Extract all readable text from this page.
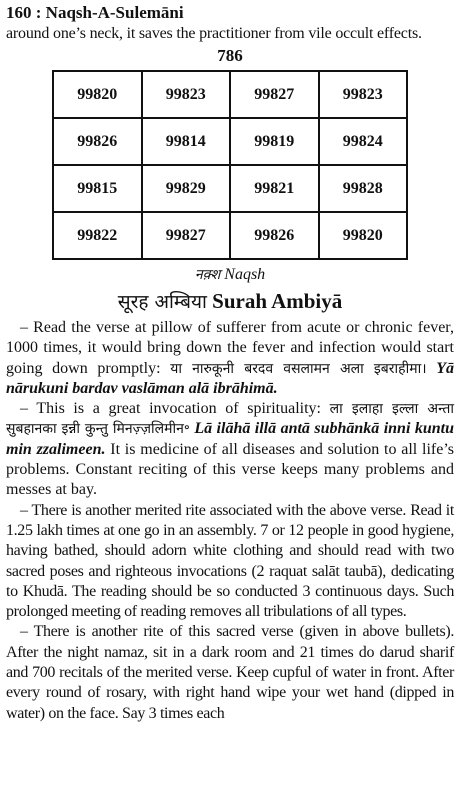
160 : Naqsh-A-Sulemāni
around one’s neck, it saves the practitioner from vile occult effects.
786
99820	99823	99827	99823
99826	99814	99819	99824
99815	99829	99821	99828
99822	99827	99826	99820
नक़्श Naqsh
सूरह अम्बिया Surah Ambiyā

– Read the verse at pillow of sufferer from acute or chronic fever, 1000 times, it would bring down the fever and infection would start going down promptly: या नारुकूनी बरदव वसलामन अला इबराहीमा। Yā nārukuni bardav vaslāman alā ibrāhimā.

– This is a great invocation of spirituality: ला इलाहा इल्ला अन्ता सुबहानका इन्नी कुन्तु मिनज़्ज़लिमीन॰ Lā ilāhā illā antā subhānkā inni kuntu min zzalimeen. It is medicine of all diseases and solution to all life’s problems. Constant reciting of this verse keeps many problems and messes at bay.

– There is another merited rite associated with the above verse. Read it 1.25 lakh times at one go in an assembly. 7 or 12 people in good hygiene, having bathed, should adorn white clothing and should read with two sacred poses and righteous invocations (2 raquat salāt taubā), dedicating to Khudā. The reading should be so conducted 3 continuous days. Such prolonged meeting of reading removes all tribulations of all types.

– There is another rite of this sacred verse (given in above bullets). After the night namaz, sit in a dark room and 21 times do darud sharif and 700 recitals of the merited verse. Keep cupful of water in front. After every round of rosary, with right hand wipe your wet hand (dipped in water) on the face. Say 3 times each
